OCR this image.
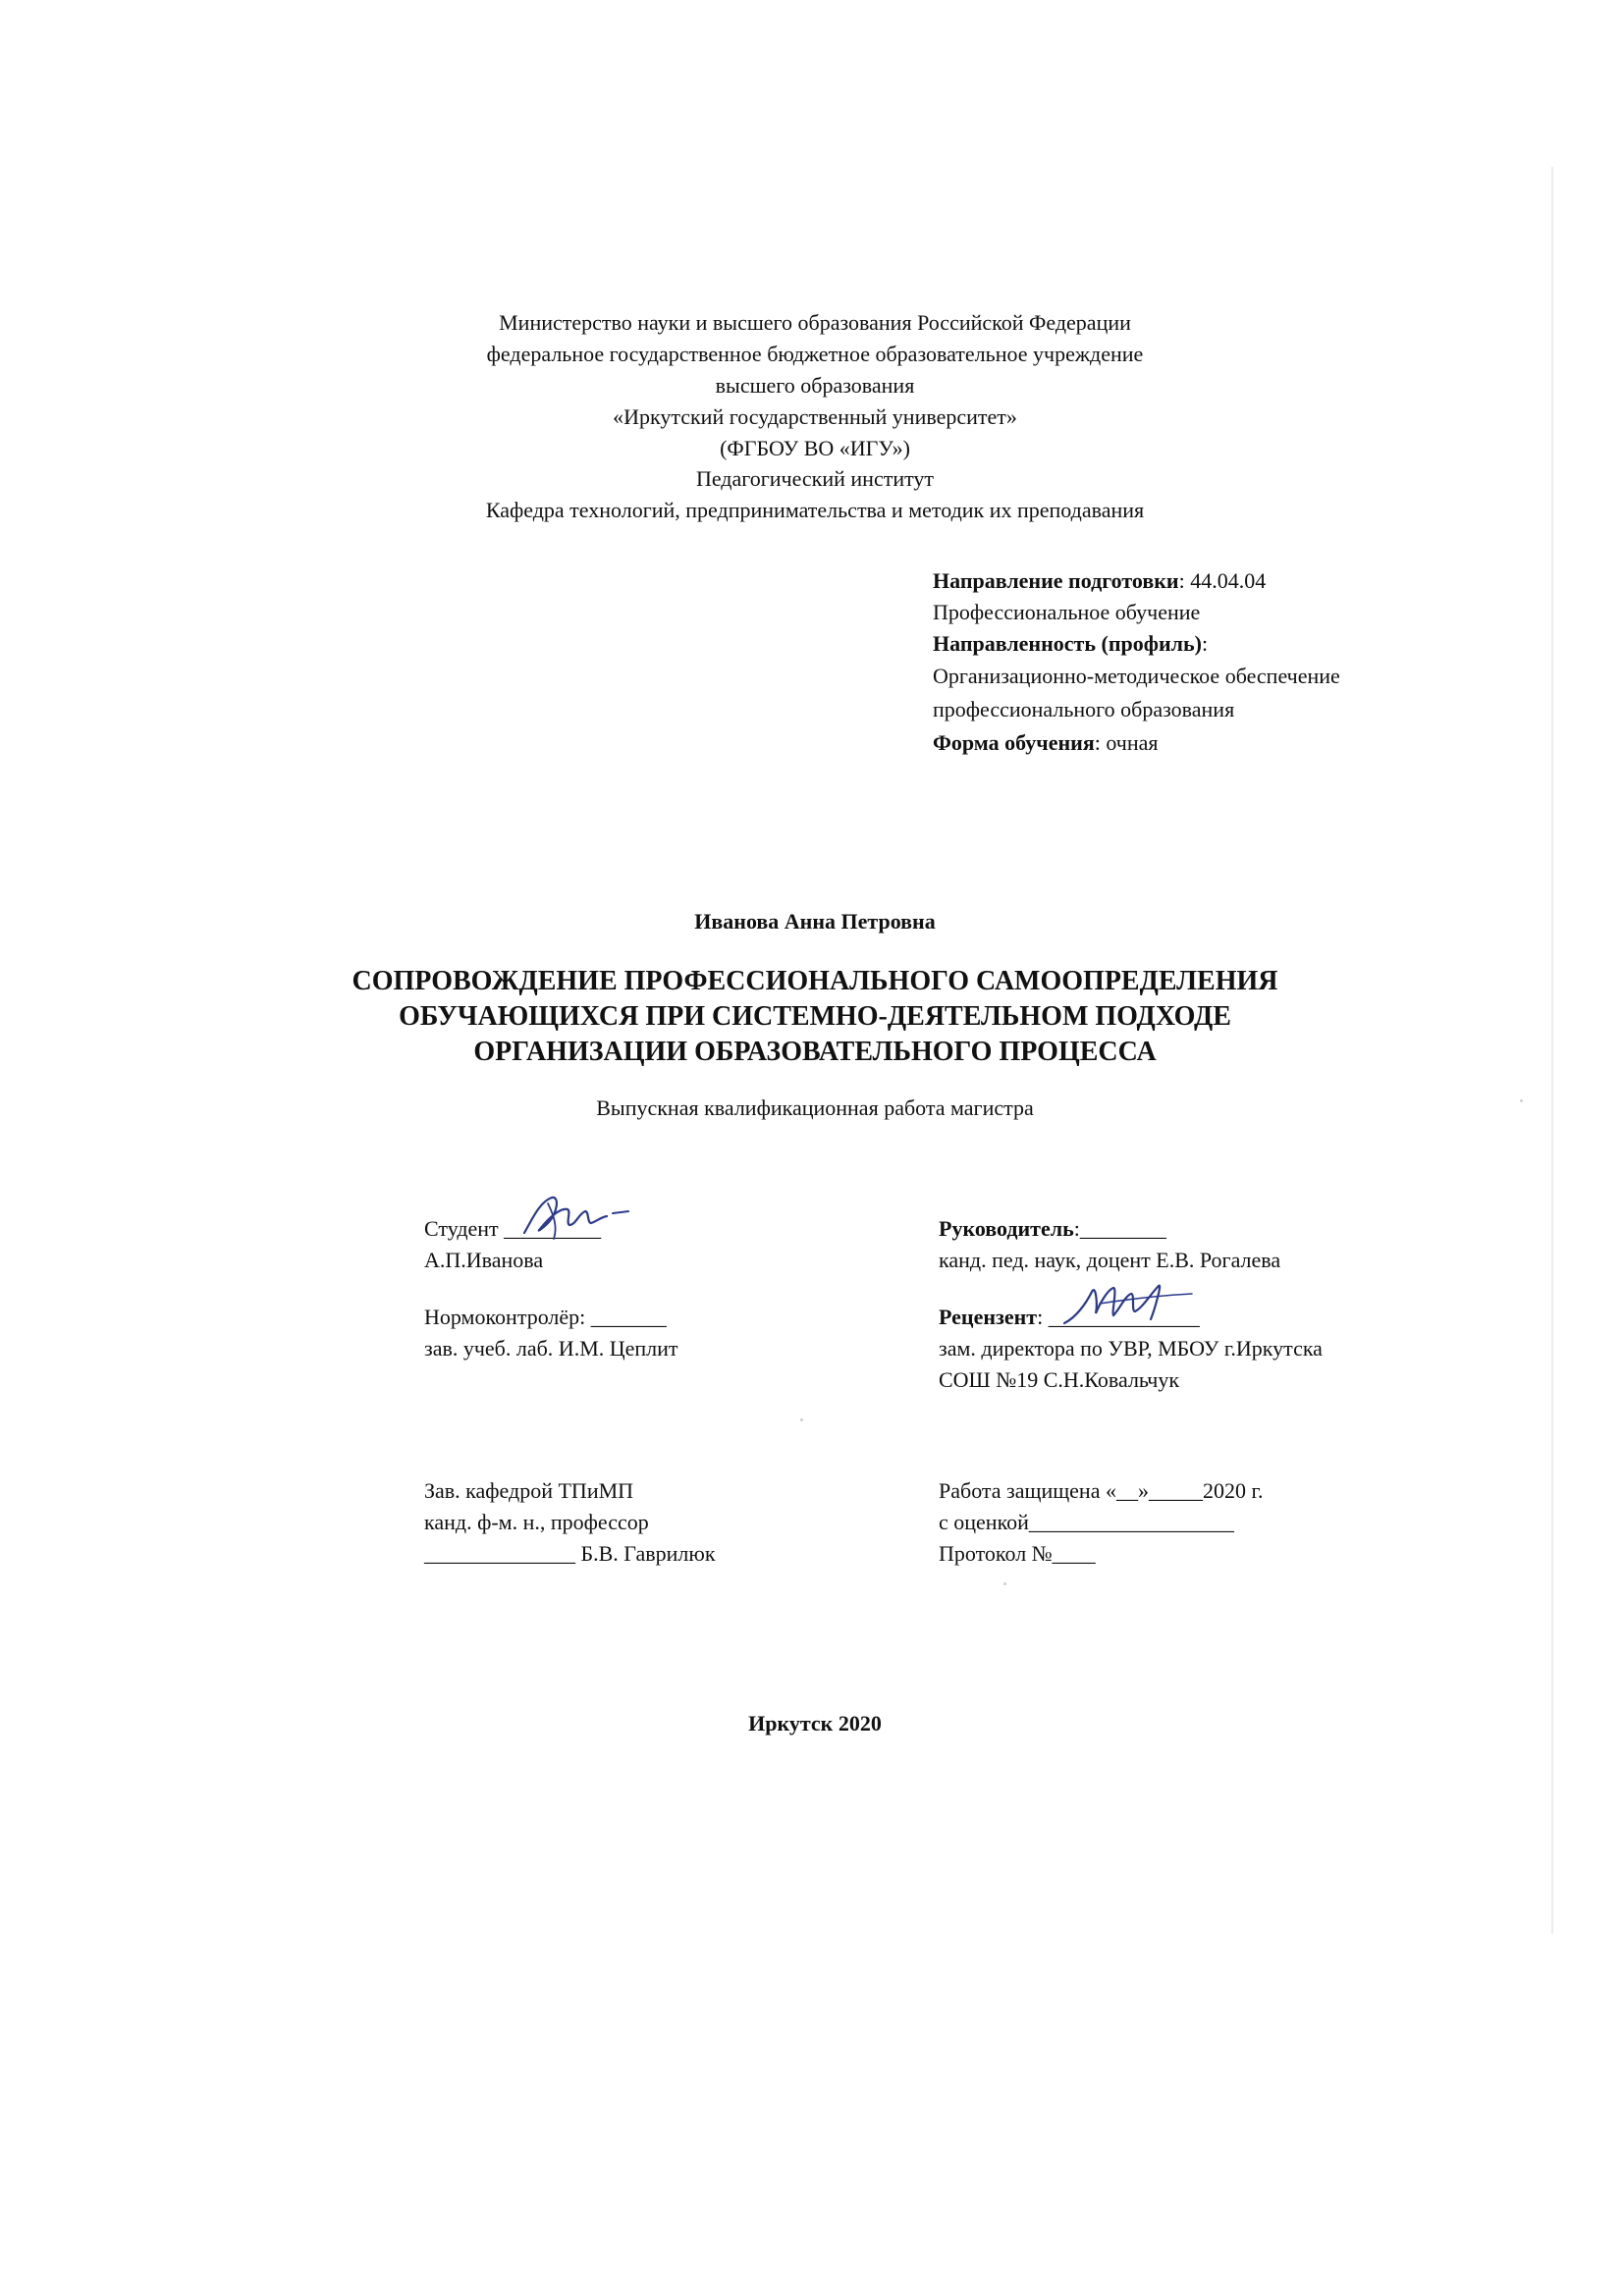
Министерство науки и высшего образования Российской Федерации
федеральное государственное бюджетное образовательное учреждение
высшего образования
«Иркутский государственный университет»
(ФГБОУ ВО «ИГУ»)
Педагогический институт
Кафедра технологий, предпринимательства и методик их преподавания
Направление подготовки: 44.04.04
Профессиональное обучение
Направленность (профиль):
Организационно-методическое обеспечение
профессионального образования
Форма обучения: очная
Иванова Анна Петровна
СОПРОВОЖДЕНИЕ ПРОФЕССИОНАЛЬНОГО САМООПРЕДЕЛЕНИЯ
ОБУЧАЮЩИХСЯ ПРИ СИСТЕМНО-ДЕЯТЕЛЬНОМ ПОДХОДЕ
ОРГАНИЗАЦИИ ОБРАЗОВАТЕЛЬНОГО ПРОЦЕССА
Выпускная квалификационная работа магистра
Студент _________
А.П.Иванова
Руководитель:________
канд. пед. наук, доцент Е.В. Рогалева
Нормоконтролёр: _______
зав. учеб. лаб. И.М. Цеплит
Рецензент: ______________
зам. директора по УВР, МБОУ г.Иркутска
СОШ №19 С.Н.Ковальчук
Зав. кафедрой ТПиМП
канд. ф-м. н., профессор
______________ Б.В. Гаврилюк
Работа защищена «__»_____2020 г.
с оценкой___________________
Протокол №____
Иркутск 2020
